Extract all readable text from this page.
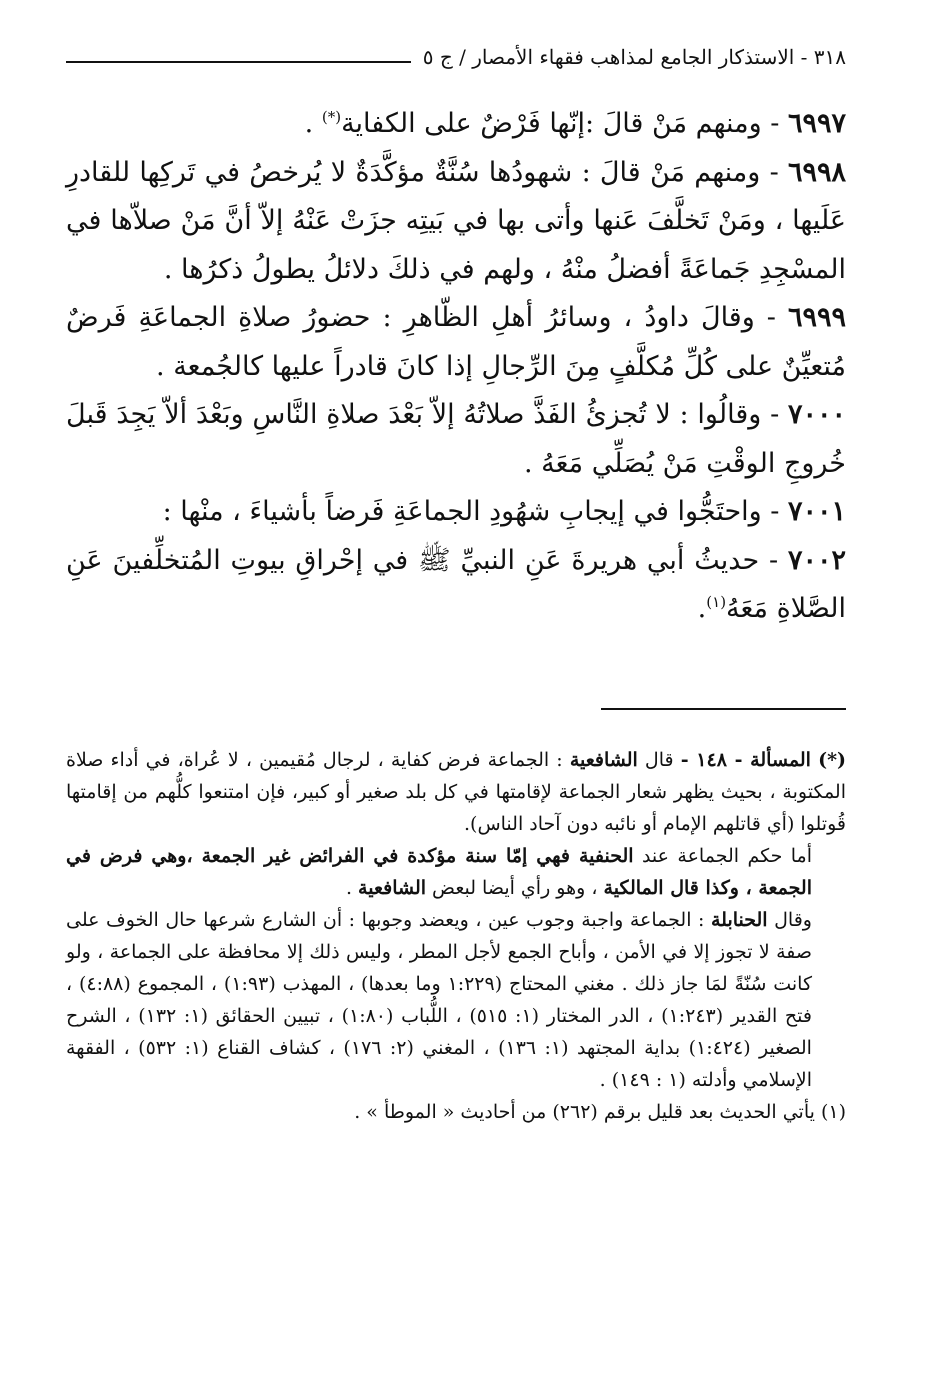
٣١٨ - الاستذكار الجامع لمذاهب فقهاء الأمصار / ج ٥

٦٩٩٧ - ومنهم مَنْ قالَ :إنّها فَرْضٌ على الكفاية(*) .

٦٩٩٨ - ومنهم مَنْ قالَ : شهودُها سُنَّةٌ مؤكَّدَةٌ لا يُرخصُ في تَركِها للقادرِ عَلَيها ، ومَنْ تَخلَّفَ عَنها وأتى بها في بَيتِه جزَتْ عَنْهُ إلاّ أنَّ مَنْ صلاّها في المسْجِدِ جَماعَةً أفضلُ منْهُ ، ولهم في ذلكَ دلائلُ يطولُ ذكرُها .

٦٩٩٩ - وقالَ داودُ ، وسائرُ أهلِ الظّاهرِ : حضورُ صلاةِ الجماعَةِ فَرضٌ مُتعيِّنٌ على كُلِّ مُكلَّفٍ مِنَ الرِّجالِ إذا كانَ قادراً عليها كالجُمعة .

٧٠٠٠ - وقالُوا : لا تُجزئُ الفَذَّ صلاتُهُ إلاّ بَعْدَ صلاةِ النَّاسِ وبَعْدَ ألاّ يَجِدَ قَبلَ خُروجِ الوقْتِ مَنْ يُصَلِّي مَعَهُ .

٧٠٠١ - واحتَجُّوا في إيجابِ شهُودِ الجماعَةِ فَرضاً بأشياءَ ، منْها :

٧٠٠٢ - حديثُ أبي هريرةَ عَنِ النبيِّ ﷺ في إحْراقِ بيوتِ المُتخلِّفينَ عَنِ الصَّلاةِ مَعَهُ$^{(١)}$.

(*) المسألة - ١٤٨ - قال الشافعية : الجماعة فرض كفاية ، لرجال مُقيمين ، لا عُراة، في أداء صلاة المكتوبة ، بحيث يظهر شعار الجماعة لإقامتها في كل بلد صغير أو كبير، فإن امتنعوا كلُّهم من إقامتها قُوتلوا (أي قاتلهم الإمام أو نائبه دون آحاد الناس).

أما حكم الجماعة عند الحنفية فهي إمّا سنة مؤكدة في الفرائض غير الجمعة ،وهي فرض في الجمعة ، وكذا قال المالكية ، وهو رأي أيضا لبعض الشافعية .

وقال الحنابلة : الجماعة واجبة وجوب عين ، ويعضد وجوبها : أن الشارع شرعها حال الخوف على صفة لا تجوز إلا في الأمن ، وأباح الجمع لأجل المطر ، وليس ذلك إلا محافظة على الجماعة ، ولو كانت سُنّةً لمَا جاز ذلك . مغني المحتاج (١:٢٢٩ وما بعدها) ، المهذب (١:٩٣) ، المجموع (٤:٨٨) ، فتح القدير (١:٢٤٣) ، الدر المختار (١: ٥١٥) ، اللُّباب (١:٨٠) ، تبيين الحقائق (١: ١٣٢) ، الشرح الصغير (١:٤٢٤) بداية المجتهد (١: ١٣٦) ، المغني (٢: ١٧٦) ، كشاف القناع (١: ٥٣٢) ، الفقهة الإسلامي وأدلته (١ : ١٤٩) .

(١) يأتي الحديث بعد قليل برقم (٢٦٢) من أحاديث « الموطأ » .
